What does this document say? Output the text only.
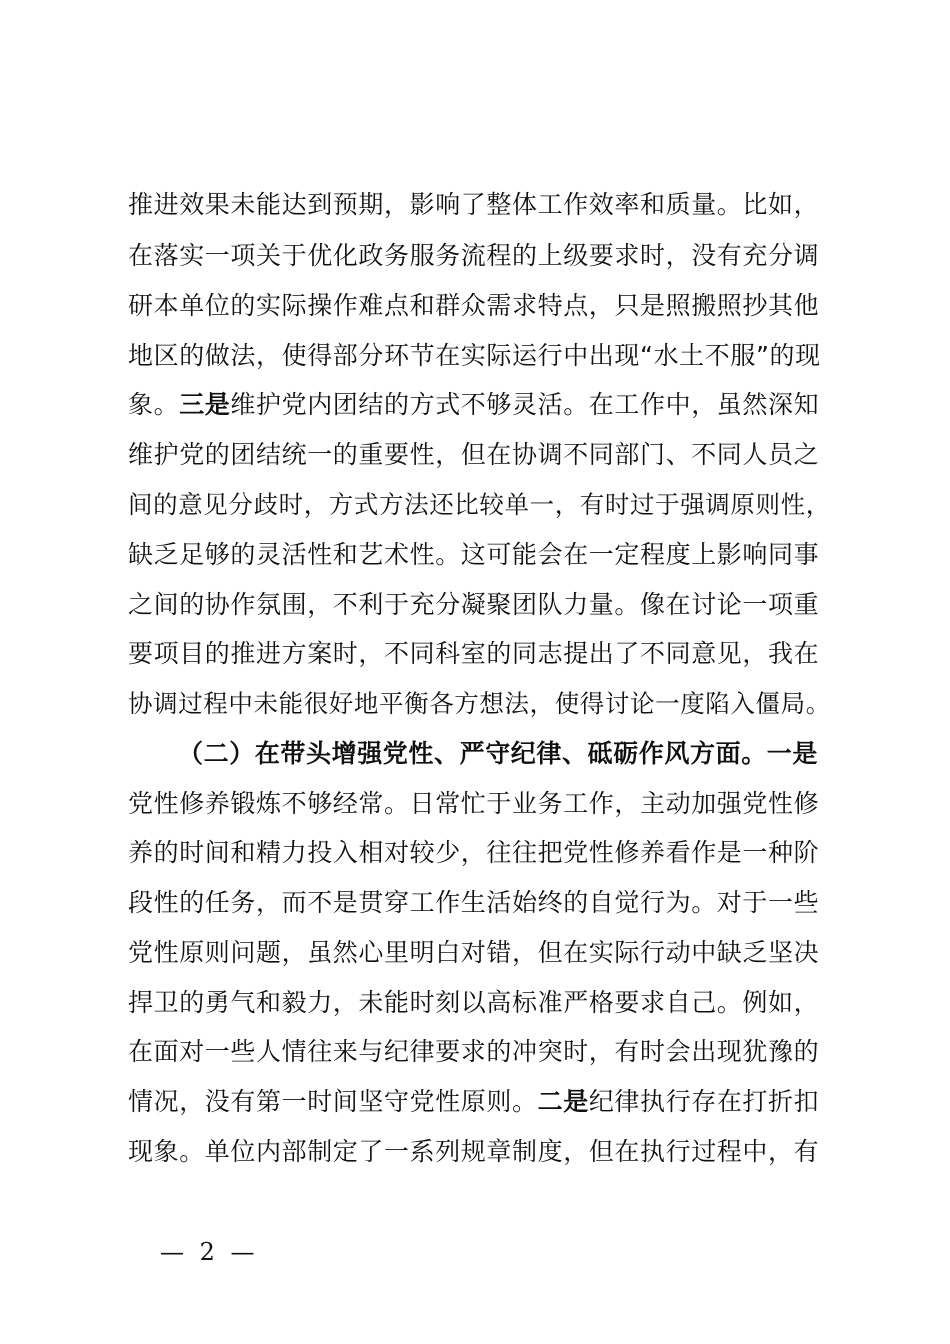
推进效果未能达到预期，影响了整体工作效率和质量。比如，
在落实一项关于优化政务服务流程的上级要求时，没有充分调
研本单位的实际操作难点和群众需求特点，只是照搬照抄其他
地区的做法，使得部分环节在实际运行中出现“水土不服”的现
象。三是维护党内团结的方式不够灵活。在工作中，虽然深知
维护党的团结统一的重要性，但在协调不同部门、不同人员之
间的意见分歧时，方式方法还比较单一，有时过于强调原则性，
缺乏足够的灵活性和艺术性。这可能会在一定程度上影响同事
之间的协作氛围，不利于充分凝聚团队力量。像在讨论一项重
要项目的推进方案时，不同科室的同志提出了不同意见，我在
协调过程中未能很好地平衡各方想法，使得讨论一度陷入僵局。
（二）在带头增强党性、严守纪律、砥砺作风方面。一是
党性修养锻炼不够经常。日常忙于业务工作，主动加强党性修
养的时间和精力投入相对较少，往往把党性修养看作是一种阶
段性的任务，而不是贯穿工作生活始终的自觉行为。对于一些
党性原则问题，虽然心里明白对错，但在实际行动中缺乏坚决
捍卫的勇气和毅力，未能时刻以高标准严格要求自己。例如，
在面对一些人情往来与纪律要求的冲突时，有时会出现犹豫的
情况，没有第一时间坚守党性原则。二是纪律执行存在打折扣
现象。单位内部制定了一系列规章制度，但在执行过程中，有
— 2 —
